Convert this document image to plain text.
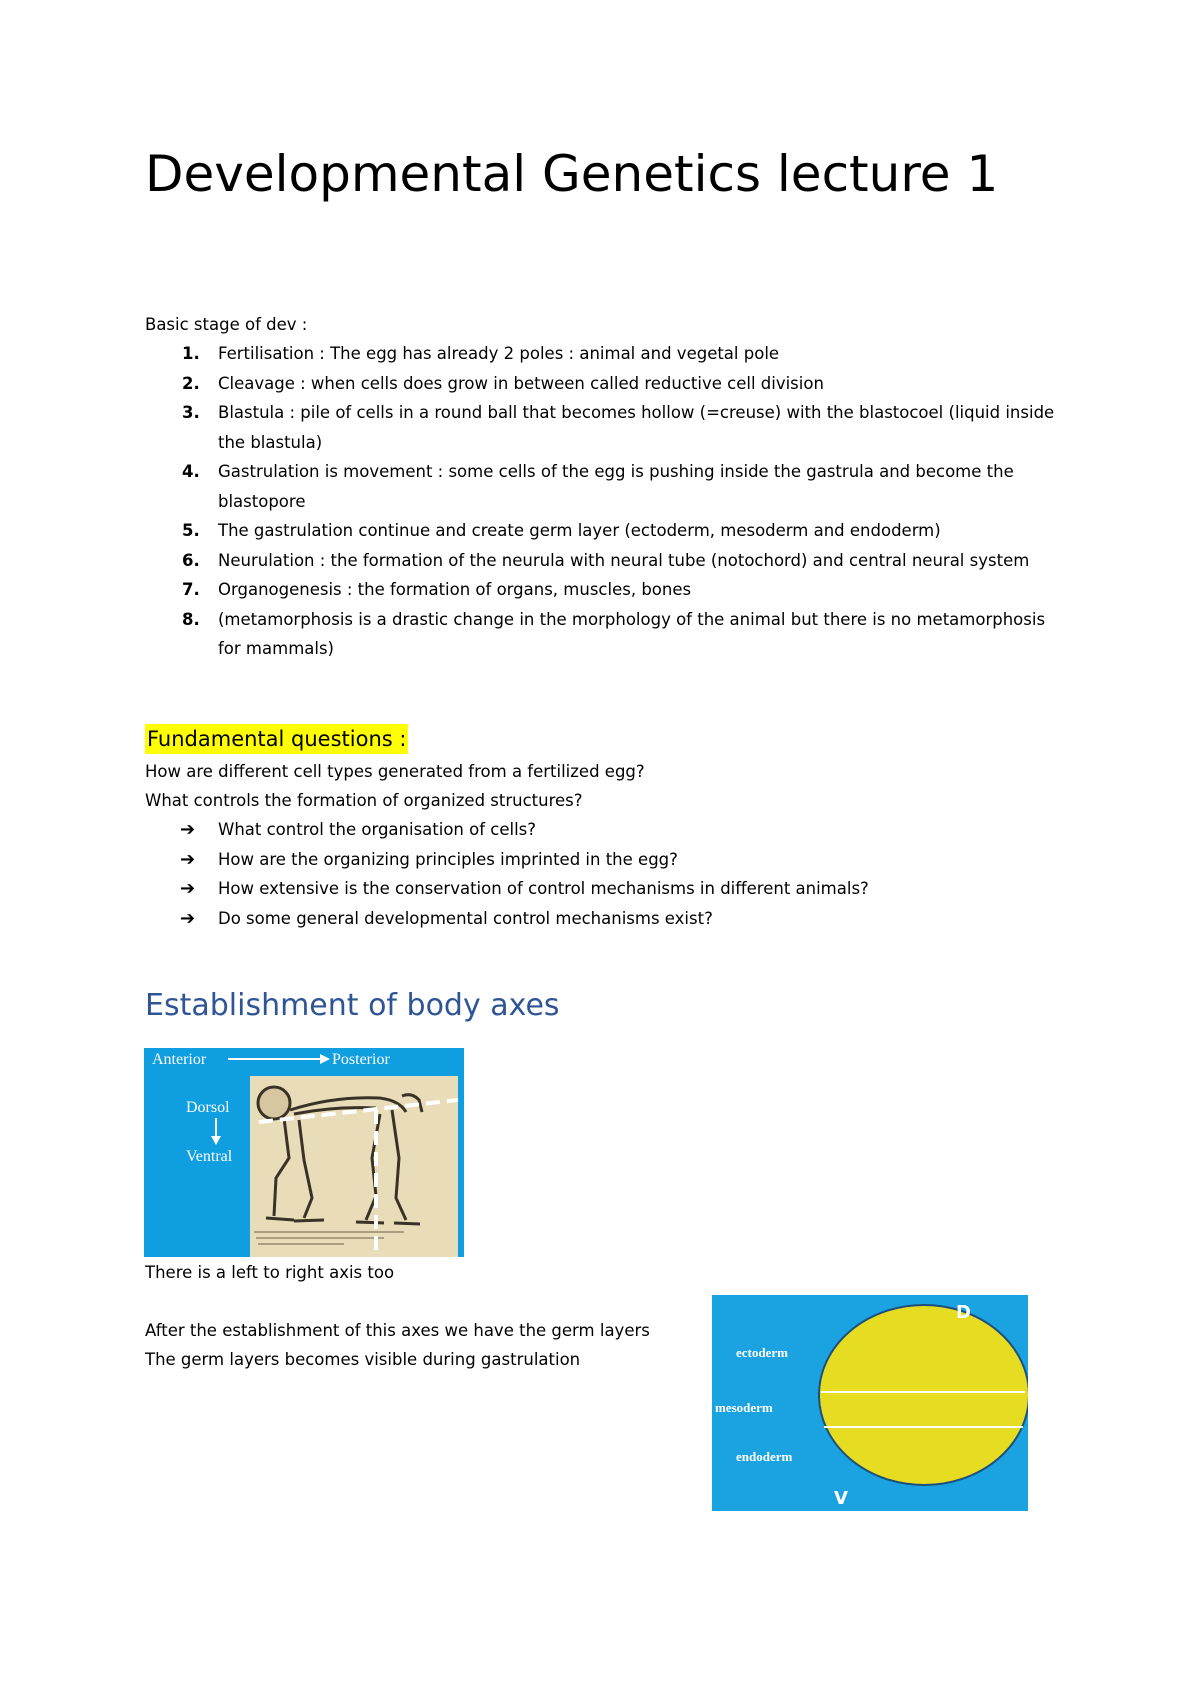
Developmental Genetics lecture 1
Basic stage of dev :
1. Fertilisation : The egg has already 2 poles : animal and vegetal pole
2. Cleavage : when cells does grow in between called reductive cell division
3. Blastula : pile of cells in a round ball that becomes hollow (=creuse) with the blastocoel (liquid inside the blastula)
4. Gastrulation is movement : some cells of the egg is pushing inside the gastrula and become the blastopore
5. The gastrulation continue and create germ layer (ectoderm, mesoderm and endoderm)
6. Neurulation : the formation of the neurula with neural tube (notochord) and central neural system
7. Organogenesis : the formation of organs, muscles, bones
8. (metamorphosis is a drastic change in the morphology of the animal but there is no metamorphosis for mammals)
Fundamental questions :
How are different cell types generated from a fertilized egg?
What controls the formation of organized structures?
➔ What control the organisation of cells?
➔ How are the organizing principles imprinted in the egg?
➔ How extensive is the conservation of control mechanisms in different animals?
➔ Do some general developmental control mechanisms exist?
Establishment of body axes
Anterior	Posterior
Dorsol
Ventral
There is a left to right axis too
After the establishment of this axes we have the germ layers
The germ layers becomes visible during gastrulation
D
V
ectoderm
mesoderm
endoderm
